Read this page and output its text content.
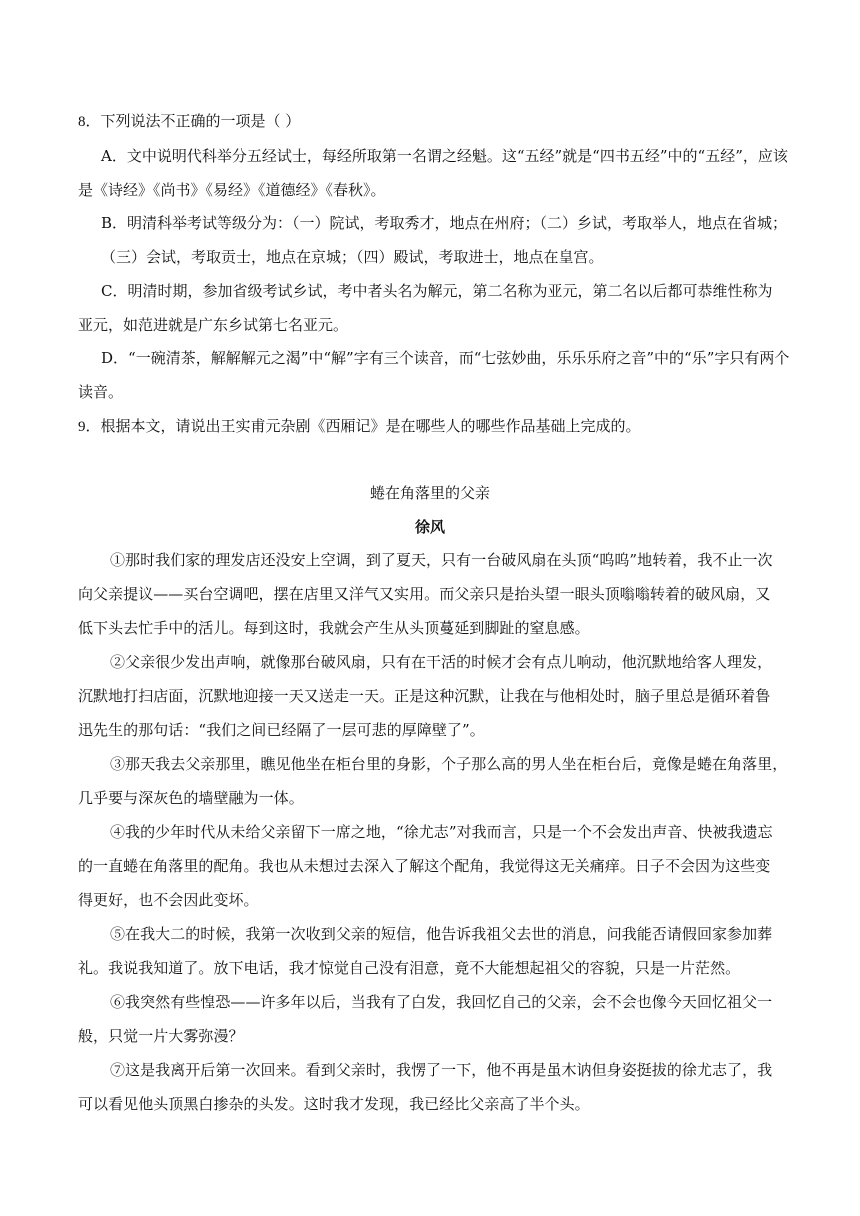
8．下列说法不正确的一项是（ ）
A．文中说明代科举分五经试士，每经所取第一名谓之经魁。这“五经”就是“四书五经”中的“五经”，应该
是《诗经》《尚书》《易经》《道德经》《春秋》。
B．明清科举考试等级分为：（一）院试，考取秀才，地点在州府；（二）乡试，考取举人，地点在省城；
（三）会试，考取贡士，地点在京城；（四）殿试，考取进士，地点在皇宫。
C．明清时期，参加省级考试乡试，考中者头名为解元，第二名称为亚元，第二名以后都可恭维性称为
亚元，如范进就是广东乡试第七名亚元。
D．“一碗清茶，解解解元之渴”中“解”字有三个读音，而“七弦妙曲，乐乐乐府之音”中的“乐”字只有两个
读音。
9．根据本文，请说出王实甫元杂剧《西厢记》是在哪些人的哪些作品基础上完成的。
蜷在角落里的父亲
徐风
①那时我们家的理发店还没安上空调，到了夏天，只有一台破风扇在头顶“呜呜”地转着，我不止一次
向父亲提议——买台空调吧，摆在店里又洋气又实用。而父亲只是抬头望一眼头顶嗡嗡转着的破风扇，又
低下头去忙手中的活儿。每到这时，我就会产生从头顶蔓延到脚趾的窒息感。
②父亲很少发出声响，就像那台破风扇，只有在干活的时候才会有点儿响动，他沉默地给客人理发，
沉默地打扫店面，沉默地迎接一天又送走一天。正是这种沉默，让我在与他相处时，脑子里总是循环着鲁
迅先生的那句话：“我们之间已经隔了一层可悲的厚障壁了”。
③那天我去父亲那里，瞧见他坐在柜台里的身影，个子那么高的男人坐在柜台后，竟像是蜷在角落里，
几乎要与深灰色的墙壁融为一体。
④我的少年时代从未给父亲留下一席之地，“徐尤志”对我而言，只是一个不会发出声音、快被我遗忘
的一直蜷在角落里的配角。我也从未想过去深入了解这个配角，我觉得这无关痛痒。日子不会因为这些变
得更好，也不会因此变坏。
⑤在我大二的时候，我第一次收到父亲的短信，他告诉我祖父去世的消息，问我能否请假回家参加葬
礼。我说我知道了。放下电话，我才惊觉自己没有泪意，竟不大能想起祖父的容貌，只是一片茫然。
⑥我突然有些惶恐——许多年以后，当我有了白发，我回忆自己的父亲，会不会也像今天回忆祖父一
般，只觉一片大雾弥漫？
⑦这是我离开后第一次回来。看到父亲时，我愣了一下，他不再是虽木讷但身姿挺拔的徐尤志了，我
可以看见他头顶黑白掺杂的头发。这时我才发现，我已经比父亲高了半个头。
